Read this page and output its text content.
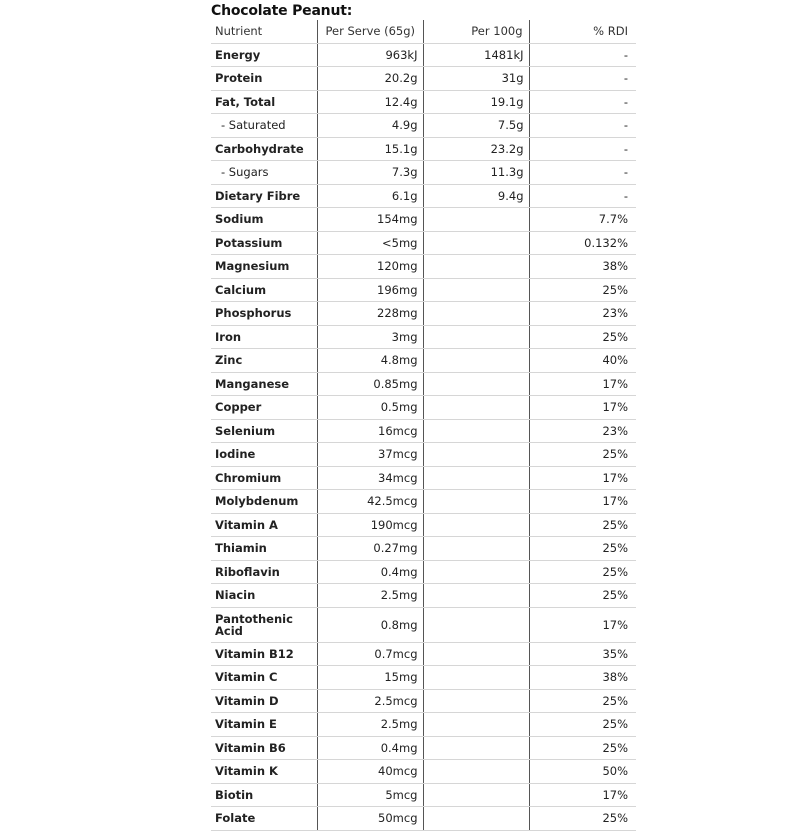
Chocolate Peanut:
Nutrient	Per Serve (65g)	Per 100g	% RDI
Energy	963kJ	1481kJ	-
Protein	20.2g	31g	-
Fat, Total	12.4g	19.1g	-
- Saturated	4.9g	7.5g	-
Carbohydrate	15.1g	23.2g	-
- Sugars	7.3g	11.3g	-
Dietary Fibre	6.1g	9.4g	-
Sodium	154mg		7.7%
Potassium	<5mg		0.132%
Magnesium	120mg		38%
Calcium	196mg		25%
Phosphorus	228mg		23%
Iron	3mg		25%
Zinc	4.8mg		40%
Manganese	0.85mg		17%
Copper	0.5mg		17%
Selenium	16mcg		23%
Iodine	37mcg		25%
Chromium	34mcg		17%
Molybdenum	42.5mcg		17%
Vitamin A	190mcg		25%
Thiamin	0.27mg		25%
Riboflavin	0.4mg		25%
Niacin	2.5mg		25%
Pantothenic Acid	0.8mg		17%
Vitamin B12	0.7mcg		35%
Vitamin C	15mg		38%
Vitamin D	2.5mcg		25%
Vitamin E	2.5mg		25%
Vitamin B6	0.4mg		25%
Vitamin K	40mcg		50%
Biotin	5mcg		17%
Folate	50mcg		25%
